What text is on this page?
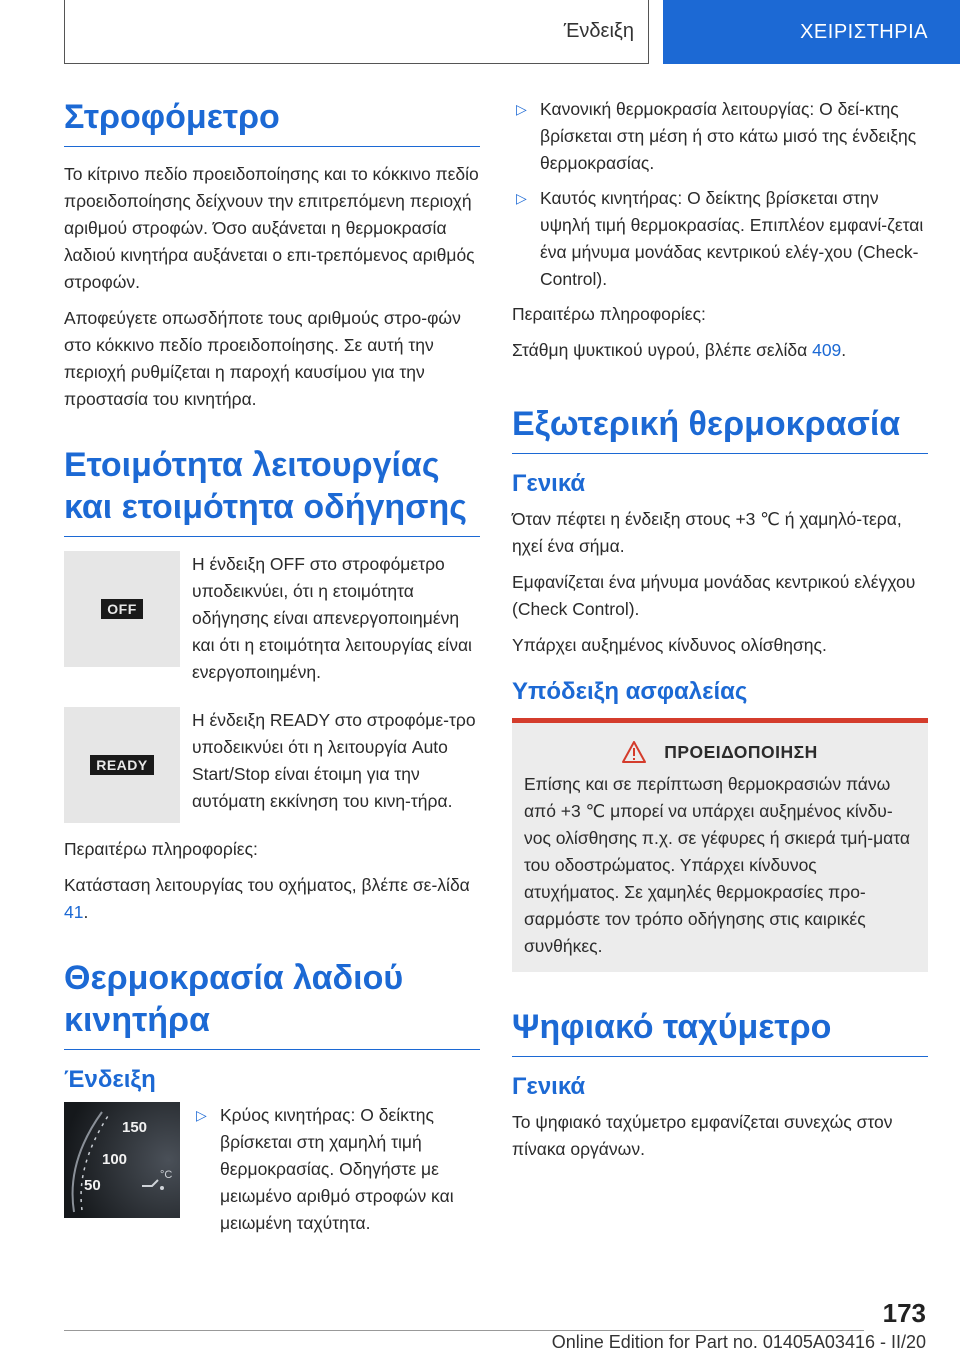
Ένδειξη	ΧΕΙΡΙΣΤΗΡΙΑ
Στροφόμετρο

Το κίτρινο πεδίο προειδοποίησης και το κόκκινο πεδίο προειδοποίησης δείχνουν την επιτρεπόμενη περιοχή αριθμού στροφών. Όσο αυξάνεται η θερμοκρασία λαδιού κινητήρα αυξάνεται ο επι-τρεπόμενος αριθμός στροφών.

Αποφεύγετε οπωσδήποτε τους αριθμούς στρο-φών στο κόκκινο πεδίο προειδοποίησης. Σε αυτή την περιοχή ρυθμίζεται η παροχή καυσίμου για την προστασία του κινητήρα.

Ετοιμότητα λειτουργίας και ετοιμότητα οδήγησης
OFF

Η ένδειξη OFF στο στροφόμετρο υποδεικνύει, ότι η ετοιμότητα οδήγησης είναι απενεργοποιημένη και ότι η ετοιμότητα λειτουργίας είναι ενεργοποιημένη.

READY

Η ένδειξη READY στο στροφόμε-τρο υποδεικνύει ότι η λειτουργία Auto Start/Stop είναι έτοιμη για την αυτόματη εκκίνηση του κινη-τήρα.

Περαιτέρω πληροφορίες:

Κατάσταση λειτουργίας του οχήματος, βλέπε σε-λίδα 41.

Θερμοκρασία λαδιού κινητήρα
Ένδειξη
150
100
50
°C
▷ Κρύος κινητήρας: Ο δείκτης βρίσκεται στη χαμηλή τιμή θερμοκρασίας. Οδηγήστε με μειωμένο αριθμό στροφών και μειωμένη ταχύτητα.
▷ Κανονική θερμοκρασία λειτουργίας: Ο δεί-κτης βρίσκεται στη μέση ή στο κάτω μισό της ένδειξης θερμοκρασίας.
▷ Καυτός κινητήρας: Ο δείκτης βρίσκεται στην υψηλή τιμή θερμοκρασίας. Επιπλέον εμφανί-ζεται ένα μήνυμα μονάδας κεντρικού ελέγ-χου (Check-Control).

Περαιτέρω πληροφορίες:

Στάθμη ψυκτικού υγρού, βλέπε σελίδα 409.

Εξωτερική θερμοκρασία
Γενικά

Όταν πέφτει η ένδειξη στους +3 ℃ ή χαμηλό-τερα, ηχεί ένα σήμα.

Εμφανίζεται ένα μήνυμα μονάδας κεντρικού ελέγχου (Check Control).

Υπάρχει αυξημένος κίνδυνος ολίσθησης.

Υπόδειξη ασφαλείας
ΠΡΟΕΙΔΟΠΟΙΗΣΗ

Επίσης και σε περίπτωση θερμοκρασιών πάνω από +3 ℃ μπορεί να υπάρχει αυξημένος κίνδυ-νος ολίσθησης π.χ. σε γέφυρες ή σκιερά τμή-ματα του οδοστρώματος. Υπάρχει κίνδυνος ατυχήματος. Σε χαμηλές θερμοκρασίες προ-σαρμόστε τον τρόπο οδήγησης στις καιρικές συνθήκες.

Ψηφιακό ταχύμετρο
Γενικά

Το ψηφιακό ταχύμετρο εμφανίζεται συνεχώς στον πίνακα οργάνων.

173
Online Edition for Part no. 01405A03416 - II/20
